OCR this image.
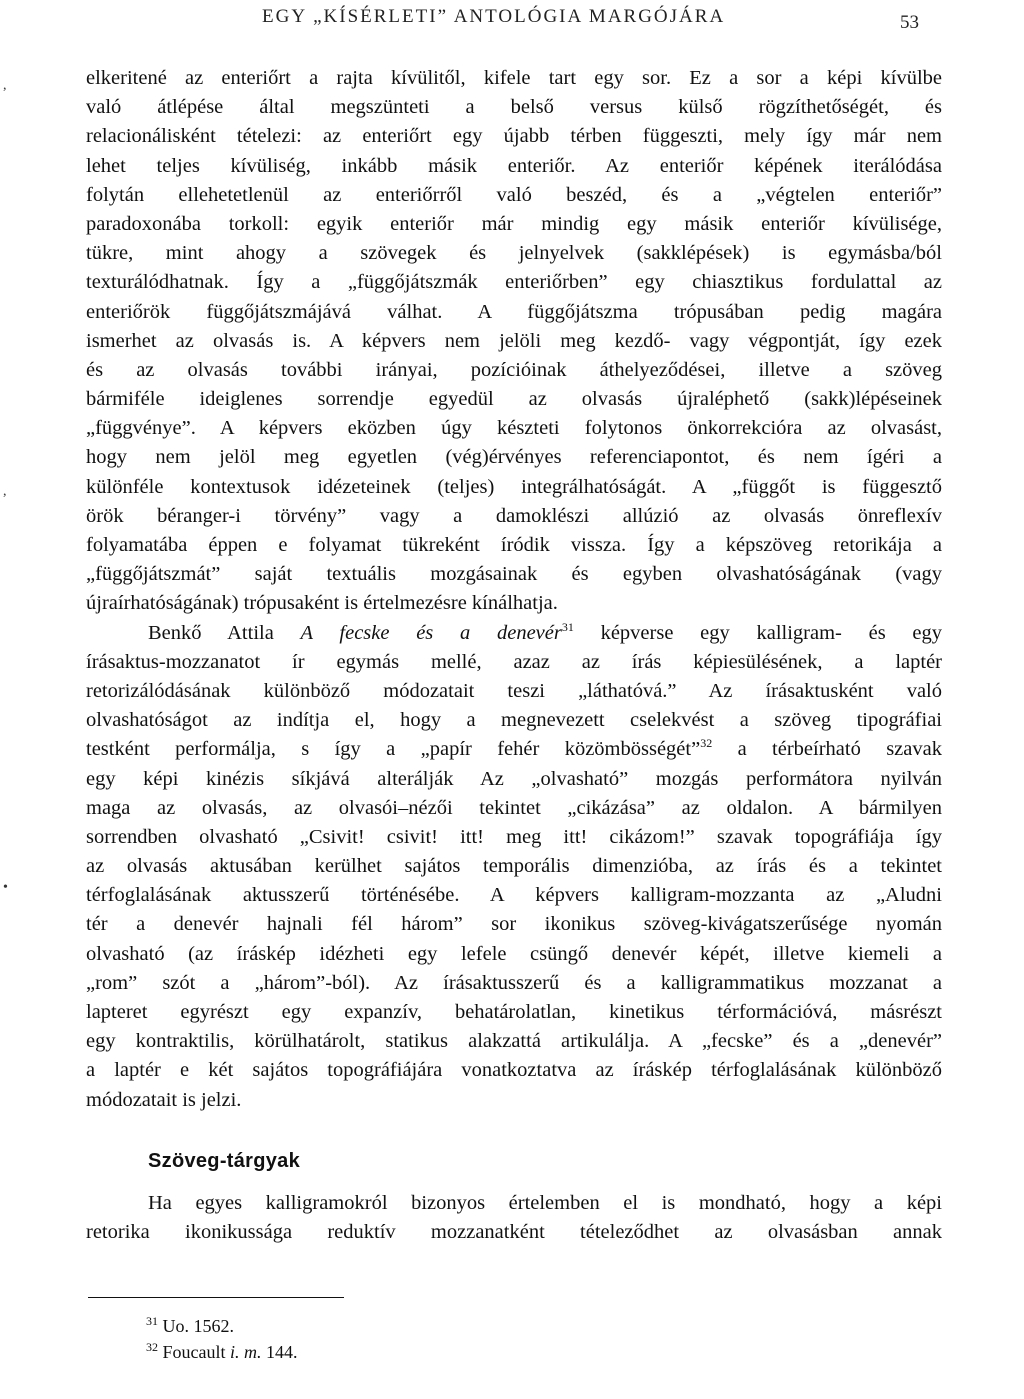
EGY „KÍSÉRLETI” ANTOLÓGIA MARGÓJÁRA	53
,
,
•
elkeritené az enteriőrt a rajta kívülitől, kifele tart egy sor. Ez a sor a képi kívülbe
való átlépése által megszünteti a belső versus külső rögzíthetőségét, és
relacionálisként tételezi: az enteriőrt egy újabb térben függeszti, mely így már nem
lehet teljes kívüliség, inkább másik enteriőr. Az enteriőr képének iterálódása
folytán ellehetetlenül az enteriőrről való beszéd, és a „végtelen enteriőr”
paradoxonába torkoll: egyik enteriőr már mindig egy másik enteriőr kívülisége,
tükre, mint ahogy a szövegek és jelnyelvek (sakklépések) is egymásba/ból
texturálódhatnak. Így a „függőjátszmák enteriőrben” egy chiasztikus fordulattal az
enteriőrök függőjátszmájává válhat. A függőjátszma trópusában pedig magára
ismerhet az olvasás is. A képvers nem jelöli meg kezdő- vagy végpontját, így ezek
és az olvasás további irányai, pozícióinak áthelyeződései, illetve a szöveg
bármiféle ideiglenes sorrendje egyedül az olvasás újraléphető (sakk)lépéseinek
„függvénye”. A képvers eközben úgy készteti folytonos önkorrekcióra az olvasást,
hogy nem jelöl meg egyetlen (vég)érvényes referenciapontot, és nem ígéri a
különféle kontextusok idézeteinek (teljes) integrálhatóságát. A „függőt is függesztő
örök béranger-i törvény” vagy a damoklészi allúzió az olvasás önreflexív
folyamatába éppen e folyamat tükreként íródik vissza. Így a képszöveg retorikája a
„függőjátszmát” saját textuális mozgásainak és egyben olvashatóságának (vagy
újraírhatóságának) trópusaként is értelmezésre kínálhatja.
Benkő Attila A fecske és a denevér$^{31}$ képverse egy kalligram- és egy
írásaktus-mozzanatot ír egymás mellé, azaz az írás képiesülésének, a laptér
retorizálódásának különböző módozatait teszi „láthatóvá.” Az írásaktusként való
olvashatóságot az indítja el, hogy a megnevezett cselekvést a szöveg tipográfiai
testként performálja, s így a „papír fehér közömbösségét”$^{32}$ a térbeírható szavak
egy képi kinézis síkjává alterálják Az „olvasható” mozgás performátora nyilván
maga az olvasás, az olvasói–nézői tekintet „cikázása” az oldalon. A bármilyen
sorrendben olvasható „Csivit! csivit! itt! meg itt! cikázom!” szavak topográfiája így
az olvasás aktusában kerülhet sajátos temporális dimenzióba, az írás és a tekintet
térfoglalásának aktusszerű történésébe. A képvers kalligram-mozzanta az „Aludni
tér a denevér hajnali fél három” sor ikonikus szöveg-kivágatszerűsége nyomán
olvasható (az íráskép idézheti egy lefele csüngő denevér képét, illetve kiemeli a
„rom” szót a „három”-ból). Az írásaktusszerű és a kalligrammatikus mozzanat a
lapteret egyrészt egy expanzív, behatárolatlan, kinetikus térformációvá, másrészt
egy kontraktilis, körülhatárolt, statikus alakzattá artikulálja. A „fecske” és a „denevér”
a laptér e két sajátos topográfiájára vonatkoztatva az íráskép térfoglalásának különböző
módozatait is jelzi.
Szöveg-tárgyak
Ha egyes kalligramokról bizonyos értelemben el is mondható, hogy a képi
retorika ikonikussága reduktív mozzanatként tételeződhet az olvasásban annak
$^{31}$ Uo. 1562.
$^{32}$ Foucault i. m. 144.
